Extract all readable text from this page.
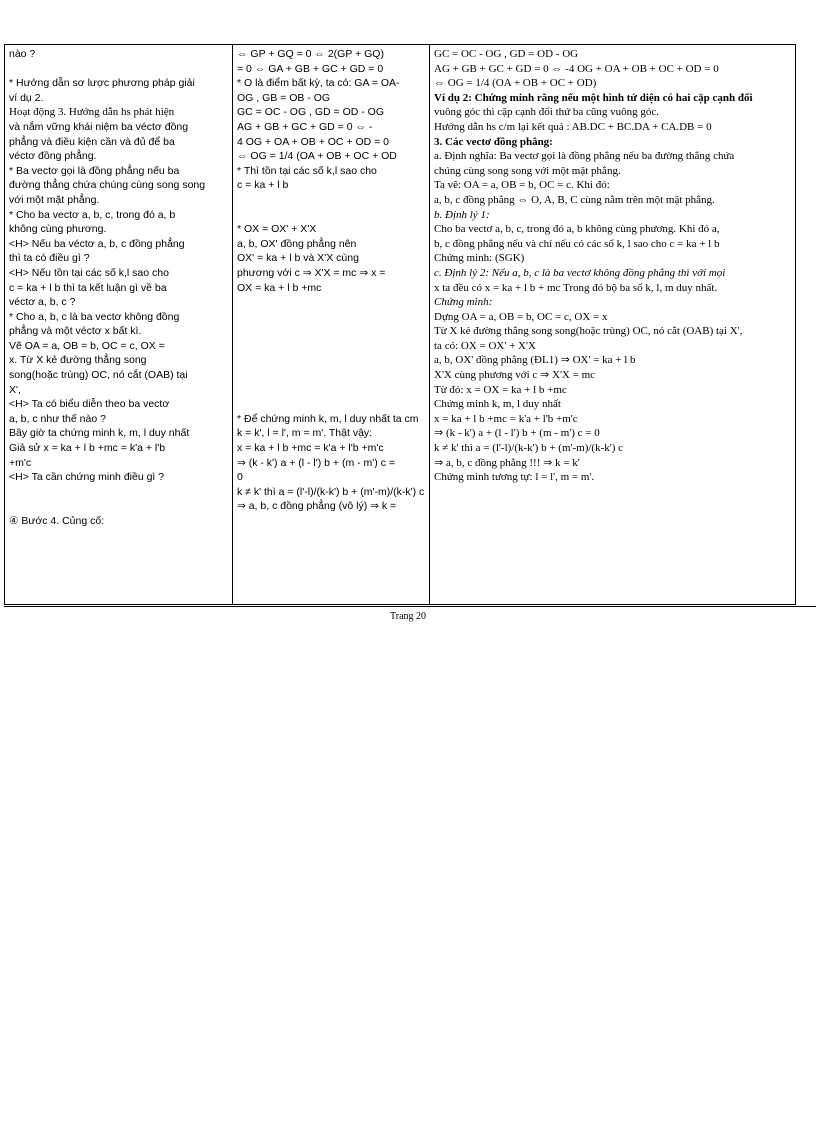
nào ?

* Hướng dẫn sơ lược phương pháp giải
ví dụ 2.
Hoạt động 3. Hướng dẫn hs phát hiện
và nắm vững khái niệm ba véctơ đồng
phẳng và điều kiện cần và đủ để ba
véctơ đồng phẳng.
* Ba vectơ gọi là đồng phẳng nếu ba
đường thẳng chứa chúng cùng song song
với một mặt phẳng.
* Cho ba vectơ a, b, c, trong đó a, b
không cùng phương.
<H> Nếu ba véctơ a, b, c đồng phẳng
thì ta có điều gì ?
<H> Nếu tồn tại các số k,l sao cho
c = ka + l b thì ta kết luận gì về ba
véctơ a, b, c ?
* Cho a, b, c là ba vectơ không đồng
phẳng và một véctơ x bất kì.
Vẽ OA = a, OB = b, OC = c, OX =
x. Từ X kẻ đường thẳng song
song(hoặc trùng) OC, nó cắt (OAB) tại
X',
<H> Ta có biểu diễn theo ba vectơ
a, b, c như thế nào ?
Bây giờ ta chứng minh k, m, l duy nhất
Giả sử x = ka + l b +mc = k'a + l'b
+m'c
<H> Ta cần chứng minh điều gì ?

④ Bước 4. Củng cố:
⇔ GP + GQ = 0 ⇔ 2(GP + GQ)
= 0 ⇔ GA + GB + GC + GD = 0
* O là điểm bất kỳ, ta có: GA = OA-
OG , GB = OB - OG
GC = OC - OG , GD = OD - OG
AG + GB + GC + GD = 0 ⇔ -
4 OG + OA + OB + OC + OD = 0
⇔ OG = 1/4 (OA + OB + OC + OD
* Thì tồn tại các số k,l sao cho
c = ka + l b

* OX = OX' + X'X
a, b, OX' đồng phẳng nên
OX' = ka + l b và X'X cùng
phương với c ⇒ X'X = mc ⇒ x =
OX = ka + l b +mc

* Để chứng minh k, m, l duy nhất ta cm
k = k', l = l', m = m'. Thật vậy:
x = ka + l b +mc = k'a + l'b +m'c
⇒ (k - k') a + (l - l') b + (m - m') c =
0
k ≠ k' thì a = (l'-l)/(k-k') b + (m'-m)/(k-k') c
⇒ a, b, c đồng phẳng (vô lý) ⇒ k =
GC = OC - OG , GD = OD - OG
AG + GB + GC + GD = 0 ⇔ -4 OG + OA + OB + OC + OD = 0
⇔ OG = 1/4 (OA + OB + OC + OD)
Ví dụ 2: Chứng minh rằng nếu một hình tứ diện có hai cặp cạnh đối
vuông góc thì cặp cạnh đối thứ ba cũng vuông góc.
Hướng dẫn hs c/m lại kết quả : AB.DC + BC.DA + CA.DB = 0
3. Các vectơ đồng phẳng:
a. Định nghĩa: Ba vectơ gọi là đồng phẳng nếu ba đường thẳng chứa
chúng cùng song song với một mặt phẳng.
Ta vẽ: OA = a, OB = b, OC = c. Khi đó:
a, b, c đồng phẳng ⇔ O, A, B, C cùng nằm trên một mặt phẳng.
b. Định lý 1:
Cho ba vectơ a, b, c, trong đó a, b không cùng phương. Khi đó a,
b, c đồng phẳng nếu và chỉ nếu có các số k, l sao cho c = ka + l b
Chứng minh: (SGK)
c. Định lý 2: Nếu a, b, c là ba vectơ không đồng phẳng thì với mọi
x ta đều có x = ka + l b + mc Trong đó bộ ba số k, l, m duy nhất.
Chứng minh:
Dựng OA = a, OB = b, OC = c, OX = x
Từ X kẻ đường thẳng song song(hoặc trùng) OC, nó cắt (OAB) tại X',
ta có: OX = OX' + X'X
a, b, OX' đồng phẳng (ĐL1) ⇒ OX' = ka + l b
X'X cùng phương với c ⇒ X'X = mc
Từ đó: x = OX = ka + l b +mc
Chứng minh k, m, l duy nhất
x = ka + l b +mc = k'a + l'b +m'c
⇒ (k - k') a + (l - l') b + (m - m') c = 0
k ≠ k' thì a = (l'-l)/(k-k') b + (m'-m)/(k-k') c
⇒ a, b, c đồng phẳng !!! ⇒ k = k'
Chứng minh tương tự: l = l', m = m'.
Trang 20
